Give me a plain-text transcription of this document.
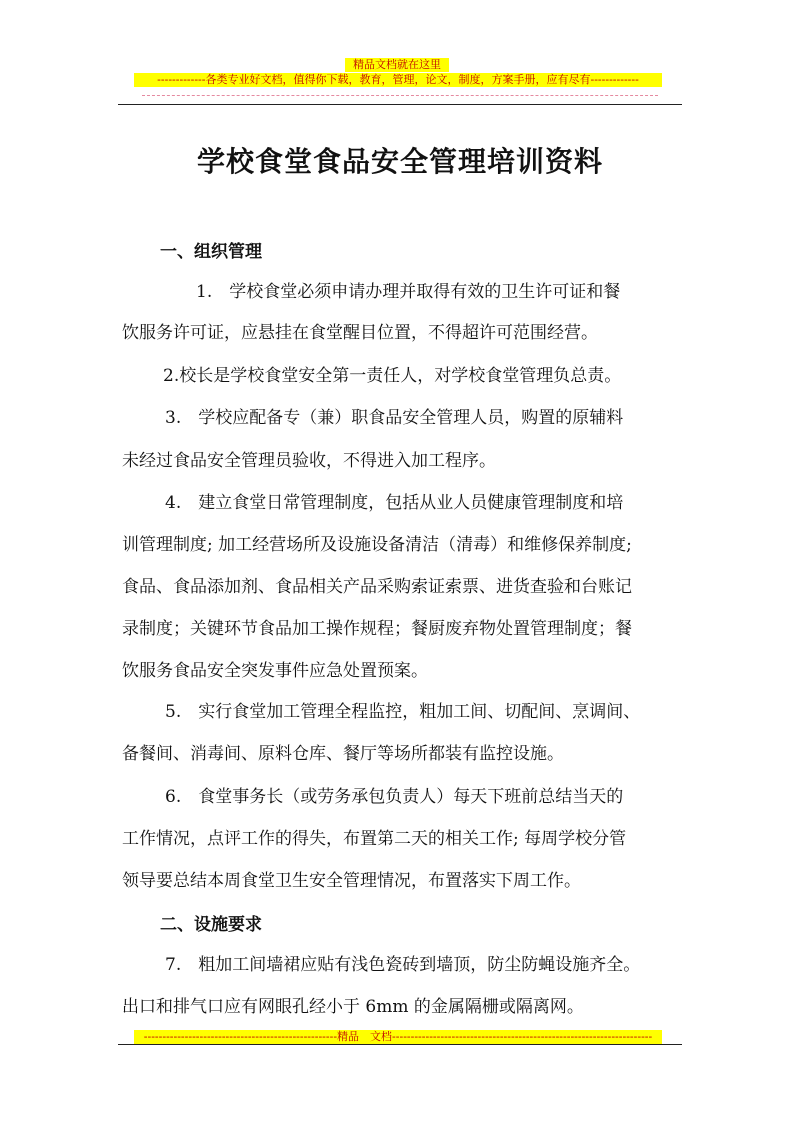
精品文档就在这里
-------------各类专业好文档，值得你下载，教育，管理，论文，制度，方案手册，应有尽有-------------
学校食堂食品安全管理培训资料
一、组织管理
1.　学校食堂必须申请办理并取得有效的卫生许可证和餐
饮服务许可证，应悬挂在食堂醒目位置，不得超许可范围经营。
2.校长是学校食堂安全第一责任人，对学校食堂管理负总责。
3.　学校应配备专（兼）职食品安全管理人员，购置的原辅料
未经过食品安全管理员验收，不得进入加工程序。
4.　建立食堂日常管理制度，包括从业人员健康管理制度和培
训管理制度; 加工经营场所及设施设备清洁（清毒）和维修保养制度;
食品、食品添加剂、食品相关产品采购索证索票、进货查验和台账记
录制度；关键环节食品加工操作规程；餐厨废弃物处置管理制度；餐
饮服务食品安全突发事件应急处置预案。
5.　实行食堂加工管理全程监控，粗加工间、切配间、烹调间、
备餐间、消毒间、原料仓库、餐厅等场所都装有监控设施。
6.　食堂事务长（或劳务承包负责人）每天下班前总结当天的
工作情况，点评工作的得失，布置第二天的相关工作; 每周学校分管
领导要总结本周食堂卫生安全管理情况，布置落实下周工作。
二、设施要求
7.　粗加工间墙裙应贴有浅色瓷砖到墙顶，防尘防蝇设施齐全。
出口和排气口应有网眼孔经小于 6mm 的金属隔栅或隔离网。
----------------------------------------------------精品　文档----------------------------------------------------------------------
